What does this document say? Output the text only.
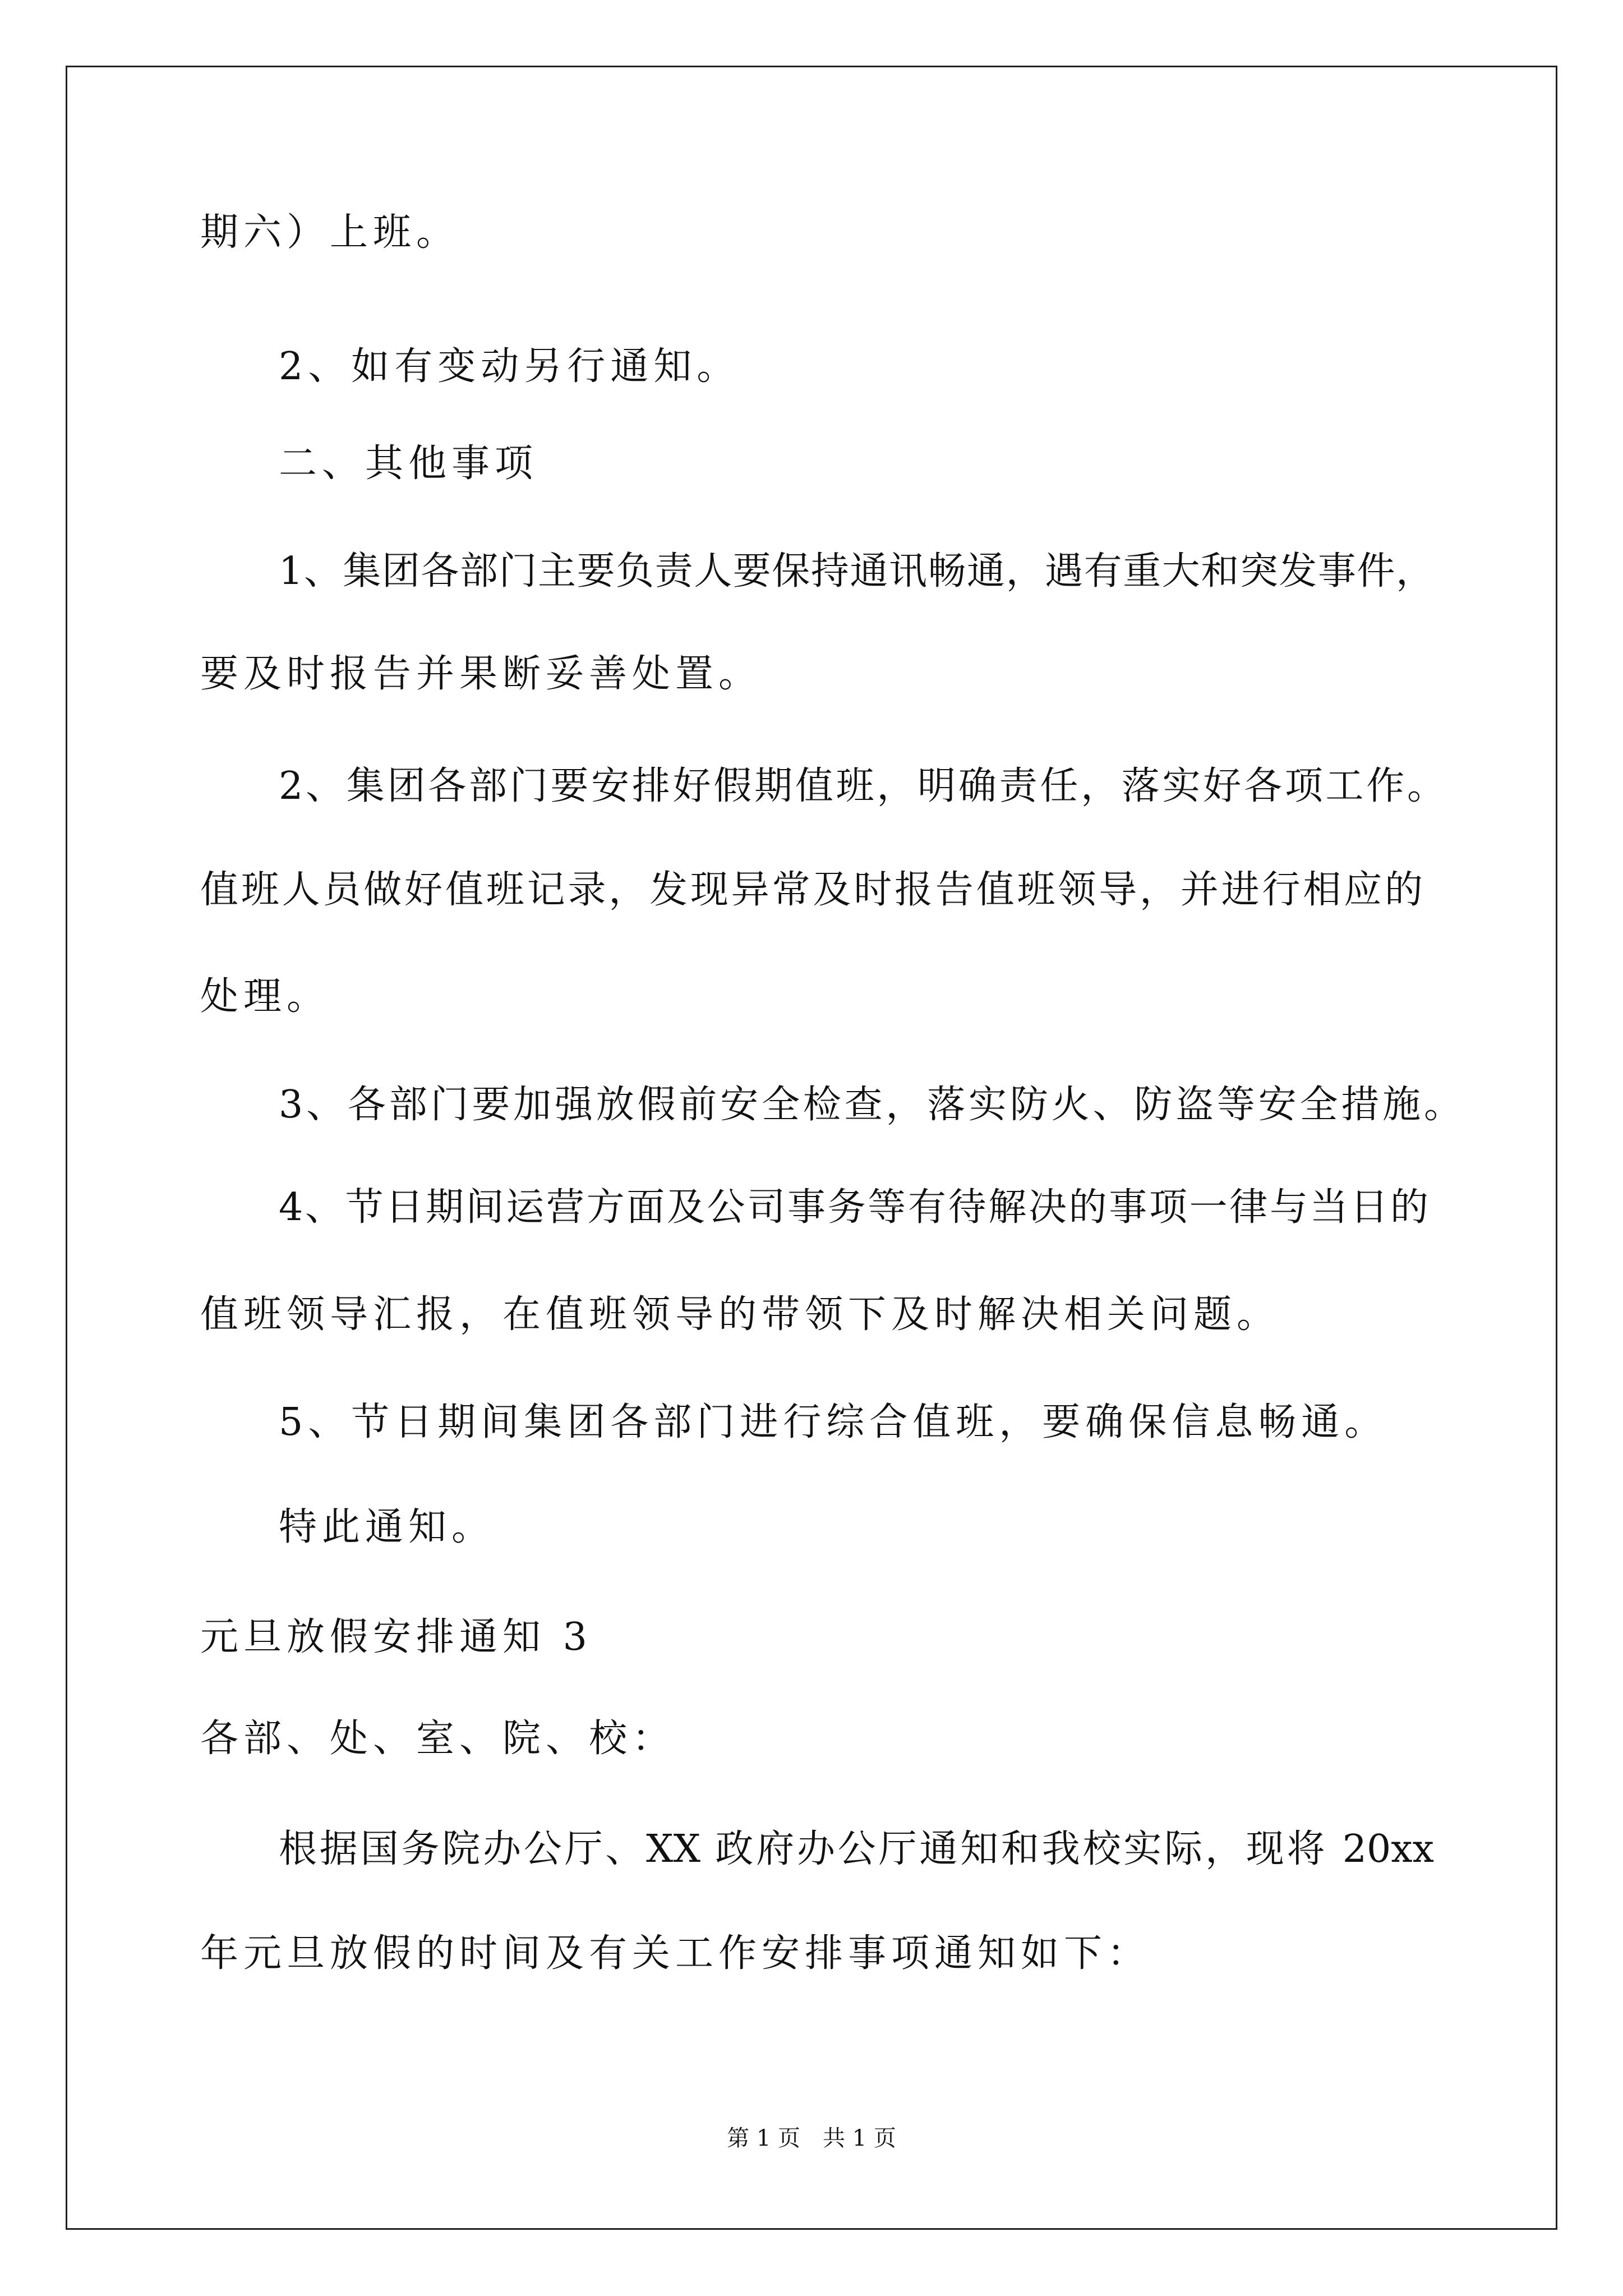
期六）上班。
2、如有变动另行通知。
二、其他事项
1、集团各部门主要负责人要保持通讯畅通，遇有重大和突发事件，
要及时报告并果断妥善处置。
2、集团各部门要安排好假期值班，明确责任，落实好各项工作。
值班人员做好值班记录，发现异常及时报告值班领导，并进行相应的
处理。
3、各部门要加强放假前安全检查，落实防火、防盗等安全措施。
4、节日期间运营方面及公司事务等有待解决的事项一律与当日的
值班领导汇报，在值班领导的带领下及时解决相关问题。
5、节日期间集团各部门进行综合值班，要确保信息畅通。
特此通知。
元旦放假安排通知 3
各部、处、室、院、校：
根据国务院办公厅、XX 政府办公厅通知和我校实际，现将 20xx
年元旦放假的时间及有关工作安排事项通知如下：
第 1 页　共 1 页
